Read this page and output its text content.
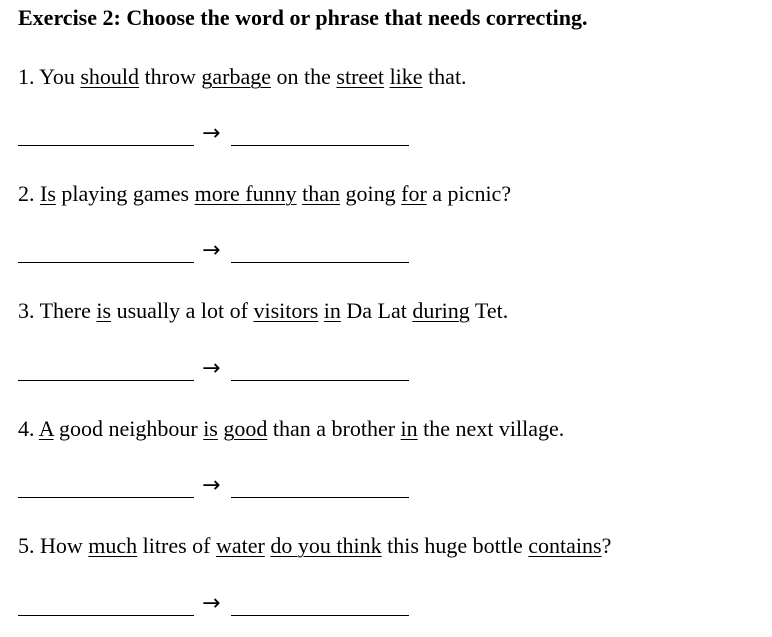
Exercise 2: Choose the word or phrase that needs correcting.
1. You should throw garbage on the street like that.
→
2. Is playing games more funny than going for a picnic?
→
3. There is usually a lot of visitors in Da Lat during Tet.
→
4. A good neighbour is good than a brother in the next village.
→
5. How much litres of water do you think this huge bottle contains?
→
